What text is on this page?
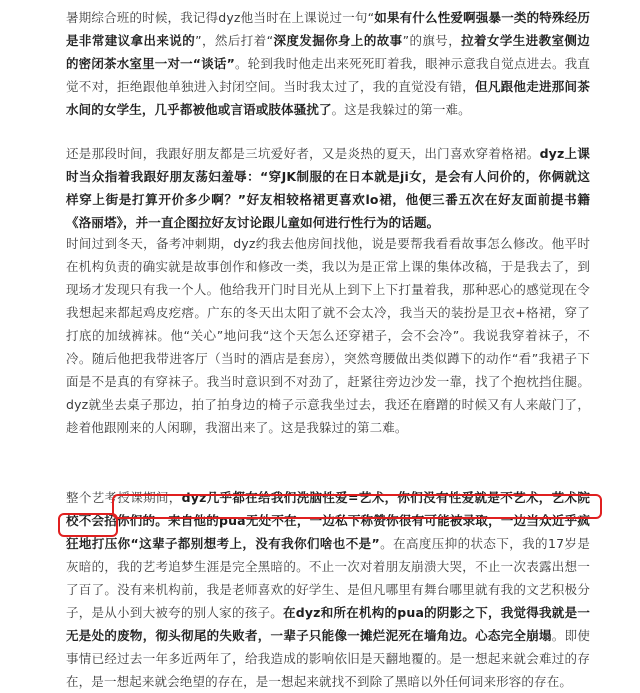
暑期综合班的时候，我记得dyz他当时在上课说过一句“如果有什么性爱啊强暴一类的特殊经历是非常建议拿出来说的”，然后打着“深度发掘你身上的故事”的旗号，拉着女学生进教室侧边的密闭茶水室里一对一“谈话”。轮到我时他走出来死死盯着我，眼神示意我自觉点进去。我直觉不对，拒绝跟他单独进入封闭空间。当时我太过了，我的直觉没有错，但凡跟他走进那间茶水间的女学生，几乎都被他或言语或肢体骚扰了。这是我躲过的第一难。
还是那段时间，我跟好朋友都是三坑爱好者，又是炎热的夏天，出门喜欢穿着格裙。dyz上课时当众指着我跟好朋友荡妇羞辱：“穿JK制服的在日本就是ji女，是会有人问价的，你俩就这样穿上街是打算开价多少啊？”好友相较格裙更喜欢lo裙，他便三番五次在好友面前提书籍《洛丽塔》，并一直企图拉好友讨论跟儿童如何进行性行为的话题。
时间过到冬天，备考冲刺期，dyz约我去他房间找他，说是要帮我看看故事怎么修改。他平时在机构负责的确实就是故事创作和修改一类，我以为是正常上课的集体改稿，于是我去了，到现场才发现只有我一个人。他给我开门时目光从上到下上下打量着我，那种恶心的感觉现在令我想起来都起鸡皮疙瘩。广东的冬天出太阳了就不会太冷，我当天的装扮是卫衣+格裙，穿了打底的加绒裤袜。他“关心”地问我“这个天怎么还穿裙子，会不会冷”。我说我穿着袜子，不冷。随后他把我带进客厅（当时的酒店是套房），突然弯腰做出类似蹲下的动作“看”我裙子下面是不是真的有穿袜子。我当时意识到不对劲了，赶紧往旁边沙发一靠，找了个抱枕挡住腿。dyz就坐去桌子那边，拍了拍身边的椅子示意我坐过去，我还在磨蹭的时候又有人来敲门了，趁着他跟刚来的人闲聊，我溜出来了。这是我躲过的第二难。
整个艺考授课期间，dyz几乎都在给我们洗脑性爱=艺术，你们没有性爱就是不艺术，艺术院校不会招你们的。来自他的pua无处不在，一边私下称赞你很有可能被录取，一边当众近乎疯狂地打压你“这辈子都别想考上，没有我你们啥也不是”。在高度压抑的状态下，我的17岁是灰暗的，我的艺考追梦生涯是完全黑暗的。不止一次对着朋友崩溃大哭，不止一次表露出想一了百了。没有来机构前，我是老师喜欢的好学生、是但凡哪里有舞台哪里就有我的文艺积极分子，是从小到大被夸的别人家的孩子。在dyz和所在机构的pua的阴影之下，我觉得我就是一无是处的废物，彻头彻尾的失败者，一辈子只能像一摊烂泥死在墙角边。心态完全崩塌。即使事情已经过去一年多近两年了，给我造成的影响依旧是天翻地覆的。是一想起来就会难过的存在，是一想起来就会绝望的存在，是一想起来就找不到除了黑暗以外任何词来形容的存在。
